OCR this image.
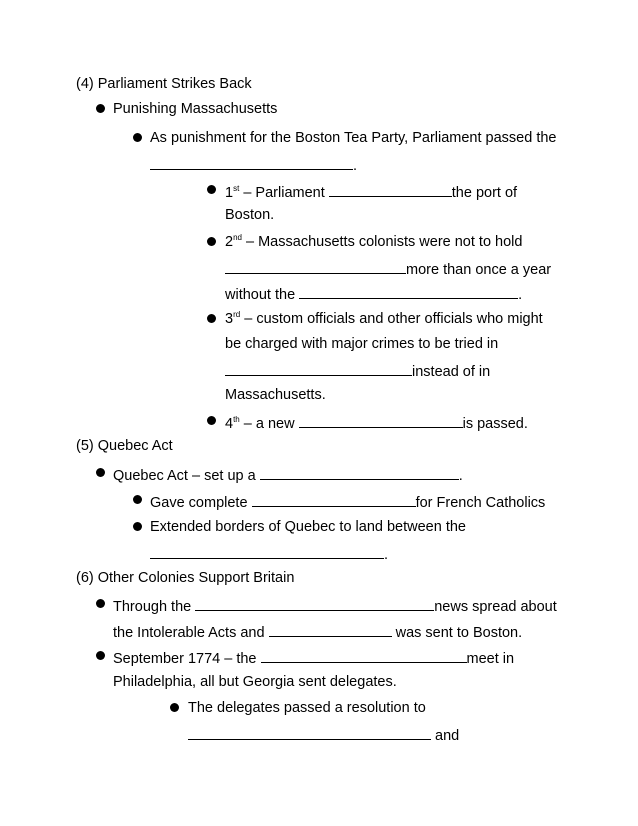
(4) Parliament Strikes Back
Punishing Massachusetts
As punishment for the Boston Tea Party, Parliament passed the
.
1st – Parliament	the port of
Boston.
2nd – Massachusetts colonists were not to hold
more than once a year
without the	.
3rd – custom officials and other officials who might
be charged with major crimes to be tried in
instead of in
Massachusetts.
4th – a new	is passed.
(5) Quebec Act
Quebec Act – set up a	.
Gave complete	for French Catholics
Extended borders of Quebec to land between the
.
(6) Other Colonies Support Britain
Through the	news spread about
the Intolerable Acts and	was sent to Boston.
September 1774 – the	meet in
Philadelphia, all but Georgia sent delegates.
The delegates passed a resolution to
and
